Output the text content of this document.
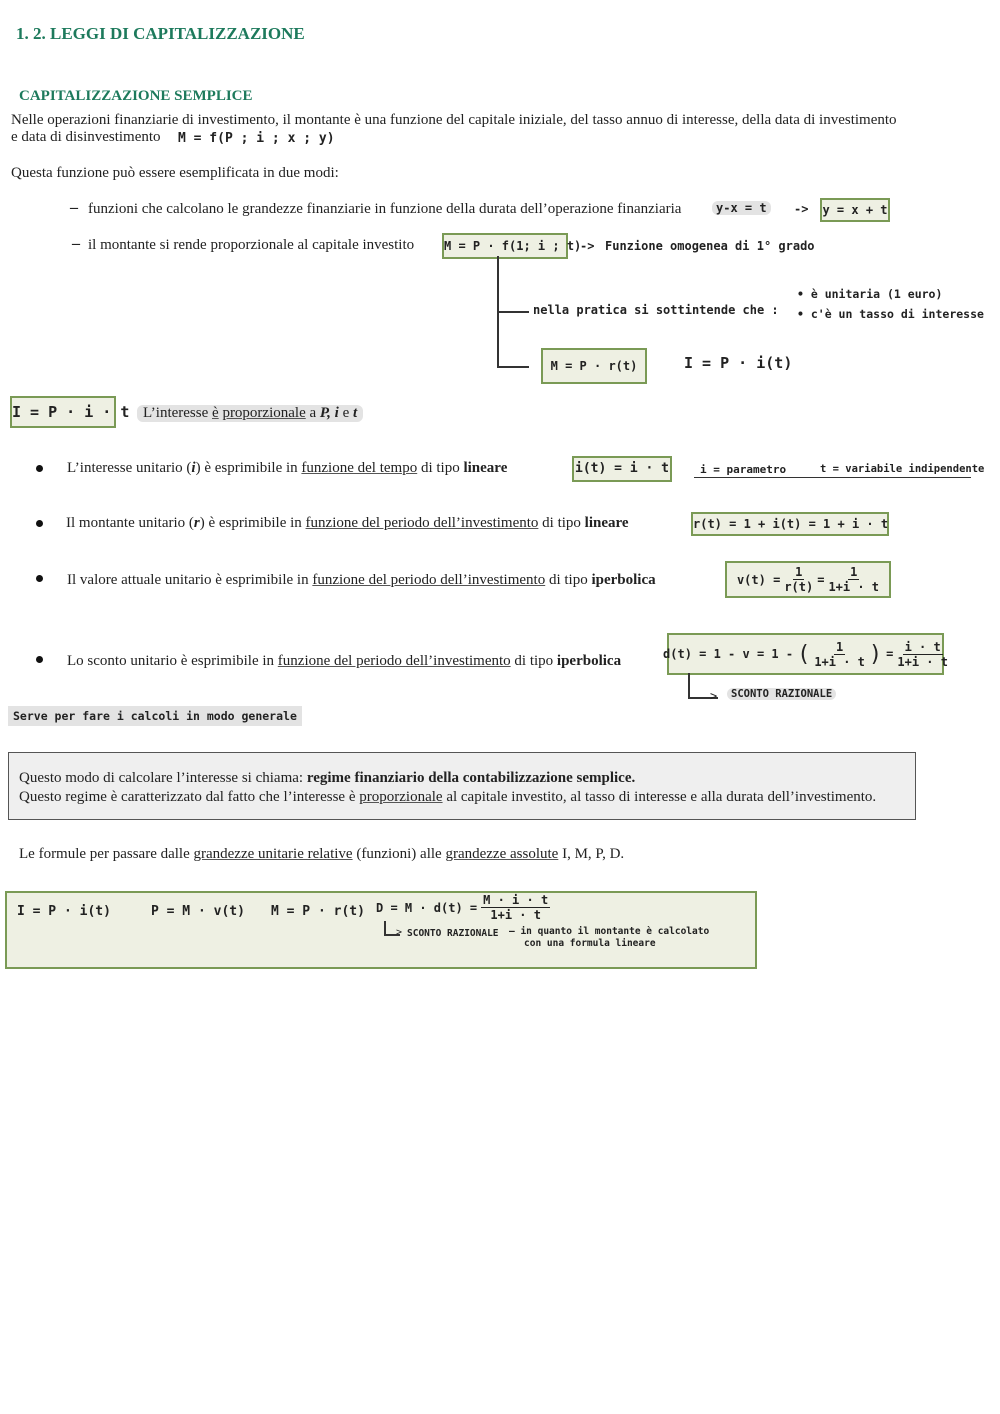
1. 2. LEGGI DI CAPITALIZZAZIONE
CAPITALIZZAZIONE SEMPLICE
Nelle operazioni finanziarie di investimento, il montante è una funzione del capitale iniziale, del tasso annuo di interesse, della data di investimento
e data di disinvestimento M = f(P ; i ; x ; y)
Questa funzione può essere esemplificata in due modi:
– funzioni che calcolano le grandezze finanziarie in funzione della durata dell’operazione finanziaria	y-x = t	-> y = x + t
– il montante si rende proporzionale al capitale investito M = P · f(1; i ; t)
-> Funzione omogenea di 1° grado
nella pratica si sottintende che :
• è unitaria (1 euro)
• c'è un tasso di interesse
M = P · r(t)	I = P · i(t)
I = P · i · t L’interesse è proporzionale a P, i e t
L’interesse unitario (i) è esprimibile in funzione del tempo di tipo lineare	i(t) = i · t	i = parametro	t = variabile indipendente
Il montante unitario (r) è esprimibile in funzione del periodo dell’investimento di tipo lineare	r(t) = 1 + i(t) = 1 + i · t
Il valore attuale unitario è esprimibile in funzione del periodo dell’investimento di tipo iperbolica	$v(t) = \frac{1}{r(t)} = \frac{1}{1+i \cdot t}$
Lo sconto unitario è esprimibile in funzione del periodo dell’investimento di tipo iperbolica	d(t) = 1 - v = 1 - ( $\frac{1}{1+i \cdot t}$ ) = $\frac{i \cdot t}{1+i \cdot t}$
>	SCONTO RAZIONALE
Serve per fare i calcoli in modo generale
Questo modo di calcolare l’interesse si chiama: regime finanziario della contabilizzazione semplice.
Questo regime è caratterizzato dal fatto che l’interesse è proporzionale al capitale investito, al tasso di interesse e alla durata dell’investimento.
Le formule per passare dalle grandezze unitarie relative (funzioni) alle grandezze assolute I, M, P, D.
I = P · i(t)	P = M · v(t) M = P · r(t) $D = M \cdot d(t) = \frac{M \cdot i \cdot t}{1+i \cdot t}$
> SCONTO RAZIONALE — in quanto il montante è calcolato
con una formula lineare
